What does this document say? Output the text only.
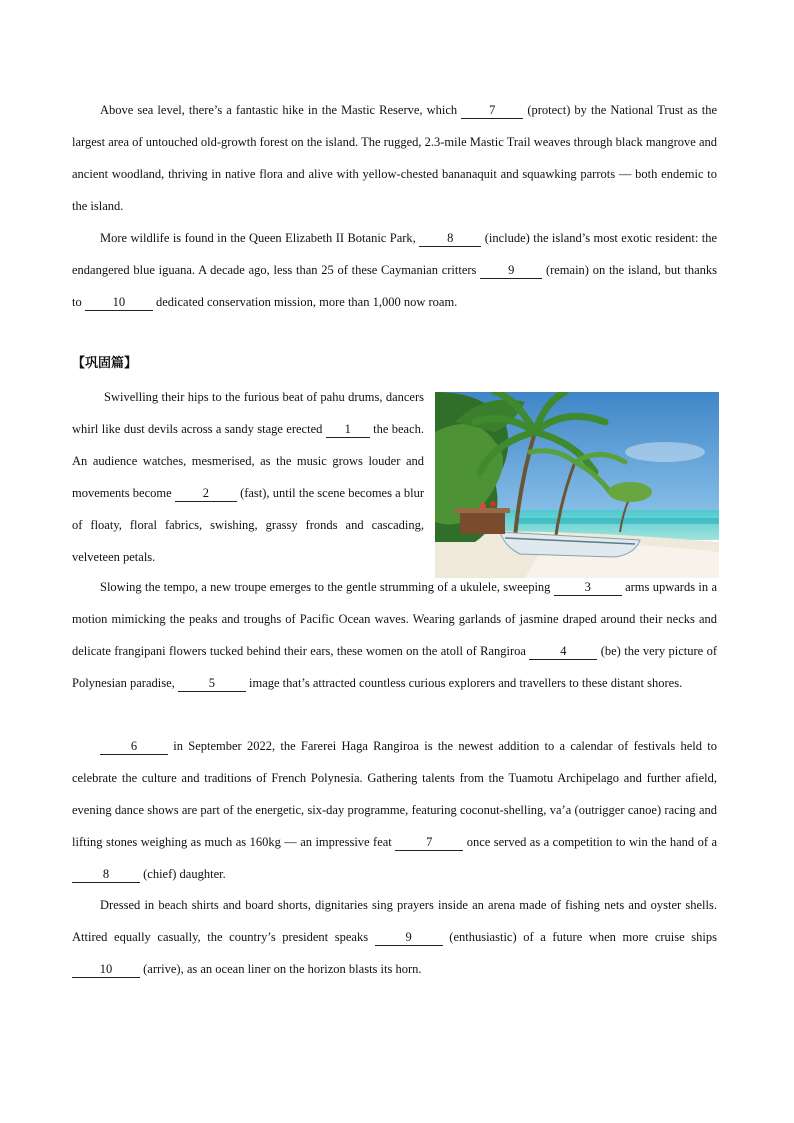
Above sea level, there’s a fantastic hike in the Mastic Reserve, which	7	(protect) by the National Trust as the largest area of untouched old-growth forest on the island. The rugged, 2.3-mile Mastic Trail weaves through black mangrove and ancient woodland, thriving in native flora and alive with yellow-chested bananaquit and squawking parrots — both endemic to the island.

More wildlife is found in the Queen Elizabeth II Botanic Park,	8	(include) the island’s most exotic resident: the endangered blue iguana. A decade ago, less than 25 of these Caymanian critters	9	(remain) on the island, but thanks to 10 dedicated conservation mission, more than 1,000 now roam.

【巩固篇】

Swivelling their hips to the furious beat of pahu drums, dancers whirl like dust devils across a sandy stage erected 1 the beach. An audience watches, mesmerised, as the music grows louder and movements become 2 (fast), until the scene becomes a blur of floaty, floral fabrics, swishing, grassy fronds and cascading, velveteen petals.

Slowing the tempo, a new troupe emerges to the gentle strumming of a ukulele, sweeping	3	arms upwards in a motion mimicking the peaks and troughs of Pacific Ocean waves. Wearing garlands of jasmine draped around their necks and delicate frangipani flowers tucked behind their ears, these women on the atoll of Rangiroa	4	(be) the very picture of Polynesian paradise,	5	image that’s attracted countless curious explorers and travellers to these distant shores.

6	in September 2022, the Farerei Haga Rangiroa is the newest addition to a calendar of festivals held to celebrate the culture and traditions of French Polynesia. Gathering talents from the Tuamotu Archipelago and further afield, evening dance shows are part of the energetic, six-day programme, featuring coconut-shelling, va’a (outrigger canoe) racing and lifting stones weighing as much as 160kg — an impressive feat	7	once served as a competition to win the hand of a 8	(chief) daughter.

Dressed in beach shirts and board shorts, dignitaries sing prayers inside an arena made of fishing nets and oyster shells. Attired equally casually, the country’s president speaks	9	(enthusiastic) of a future when more cruise ships 10 (arrive), as an ocean liner on the horizon blasts its horn.
